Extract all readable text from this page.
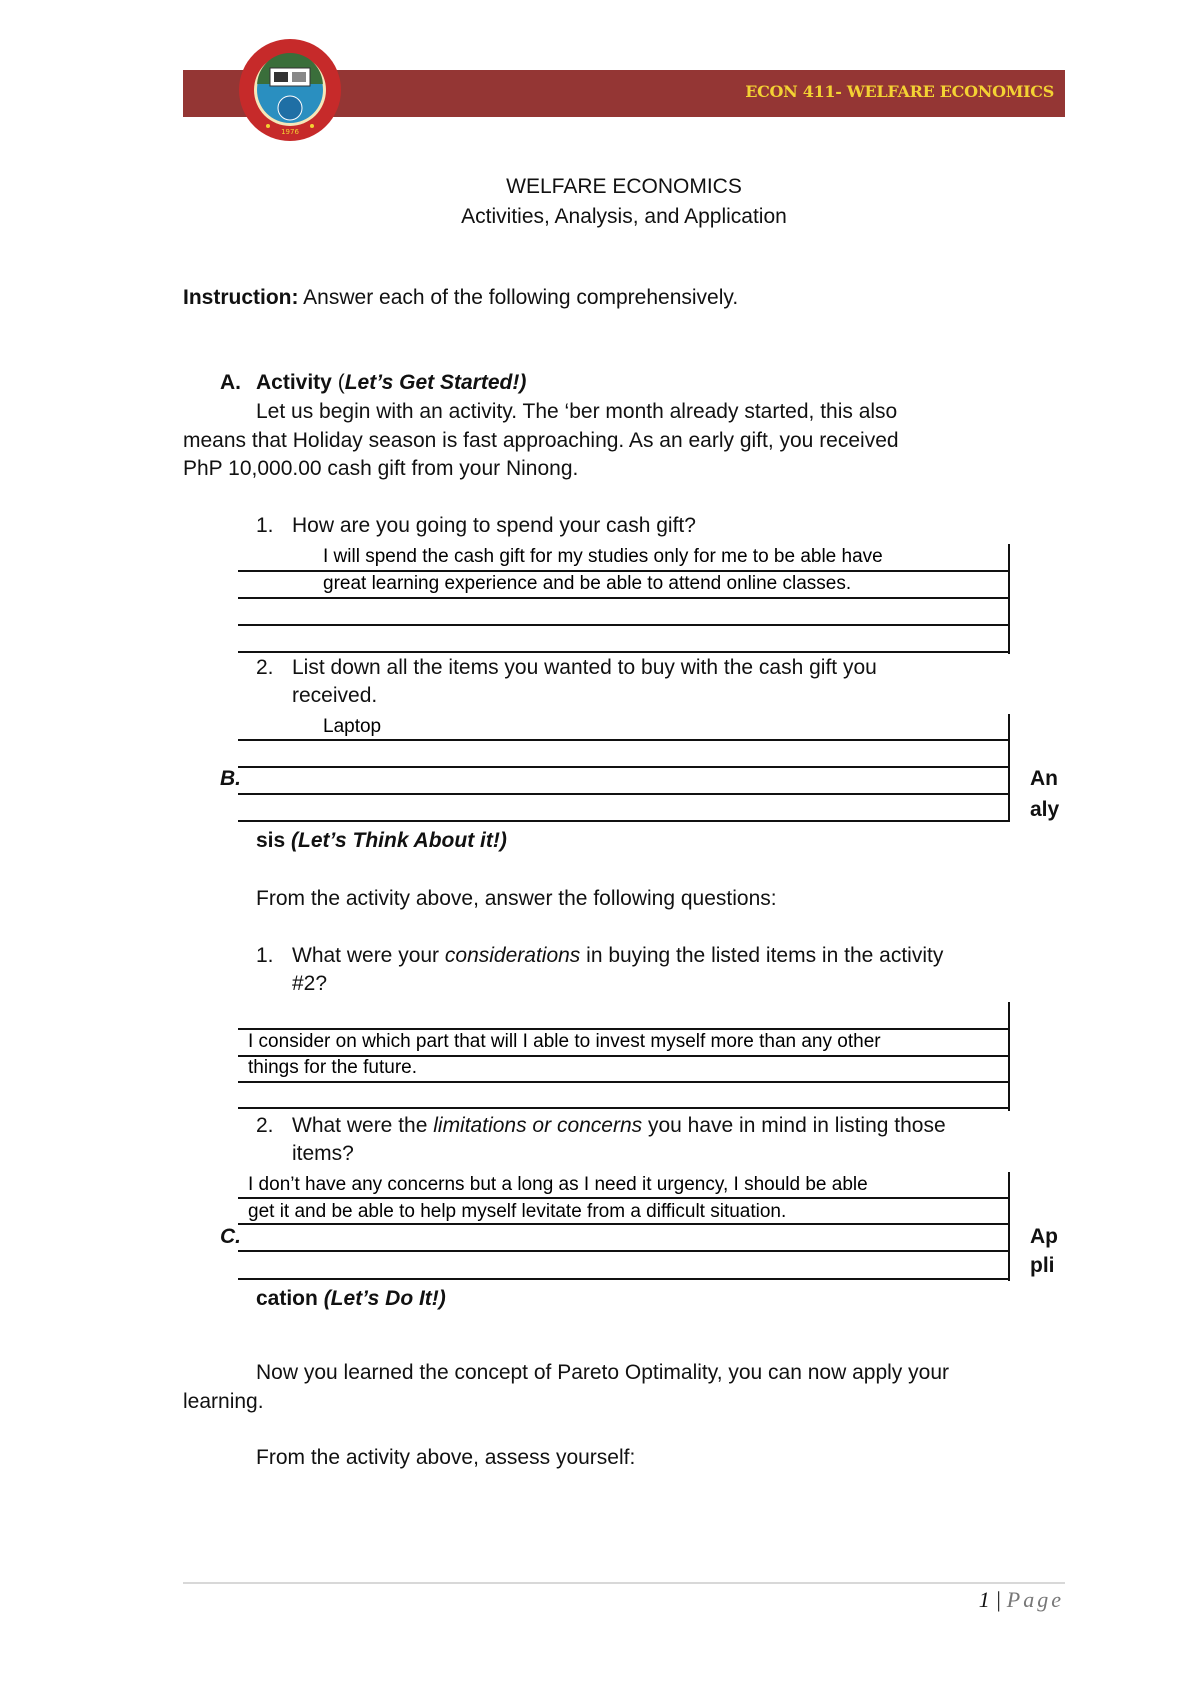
1976
ECON 411- WELFARE ECONOMICS
WELFARE ECONOMICS
Activities, Analysis, and Application
Instruction: Answer each of the following comprehensively.
A. Activity (Let’s Get Started!)
Let us begin with an activity. The ‘ber month already started, this also
means that Holiday season is fast approaching. As an early gift, you received
PhP 10,000.00 cash gift from your Ninong.
1. How are you going to spend your cash gift?
I will spend the cash gift for my studies only for me to be able have
great learning experience and be able to attend online classes.
2. List down all the items you wanted to buy with the cash gift you
received.
Laptop
B.	An
aly
sis (Let’s Think About it!)
From the activity above, answer the following questions:
1. What were your considerations in buying the listed items in the activity
#2?
I consider on which part that will I able to invest myself more than any other
things for the future.
2. What were the limitations or concerns you have in mind in listing those
items?
I don’t have any concerns but a long as I need it urgency, I should be able
get it and be able to help myself levitate from a difficult situation.
C.	Ap
pli
cation (Let’s Do It!)
Now you learned the concept of Pareto Optimality, you can now apply your
learning.
From the activity above, assess yourself:
1 | Page
